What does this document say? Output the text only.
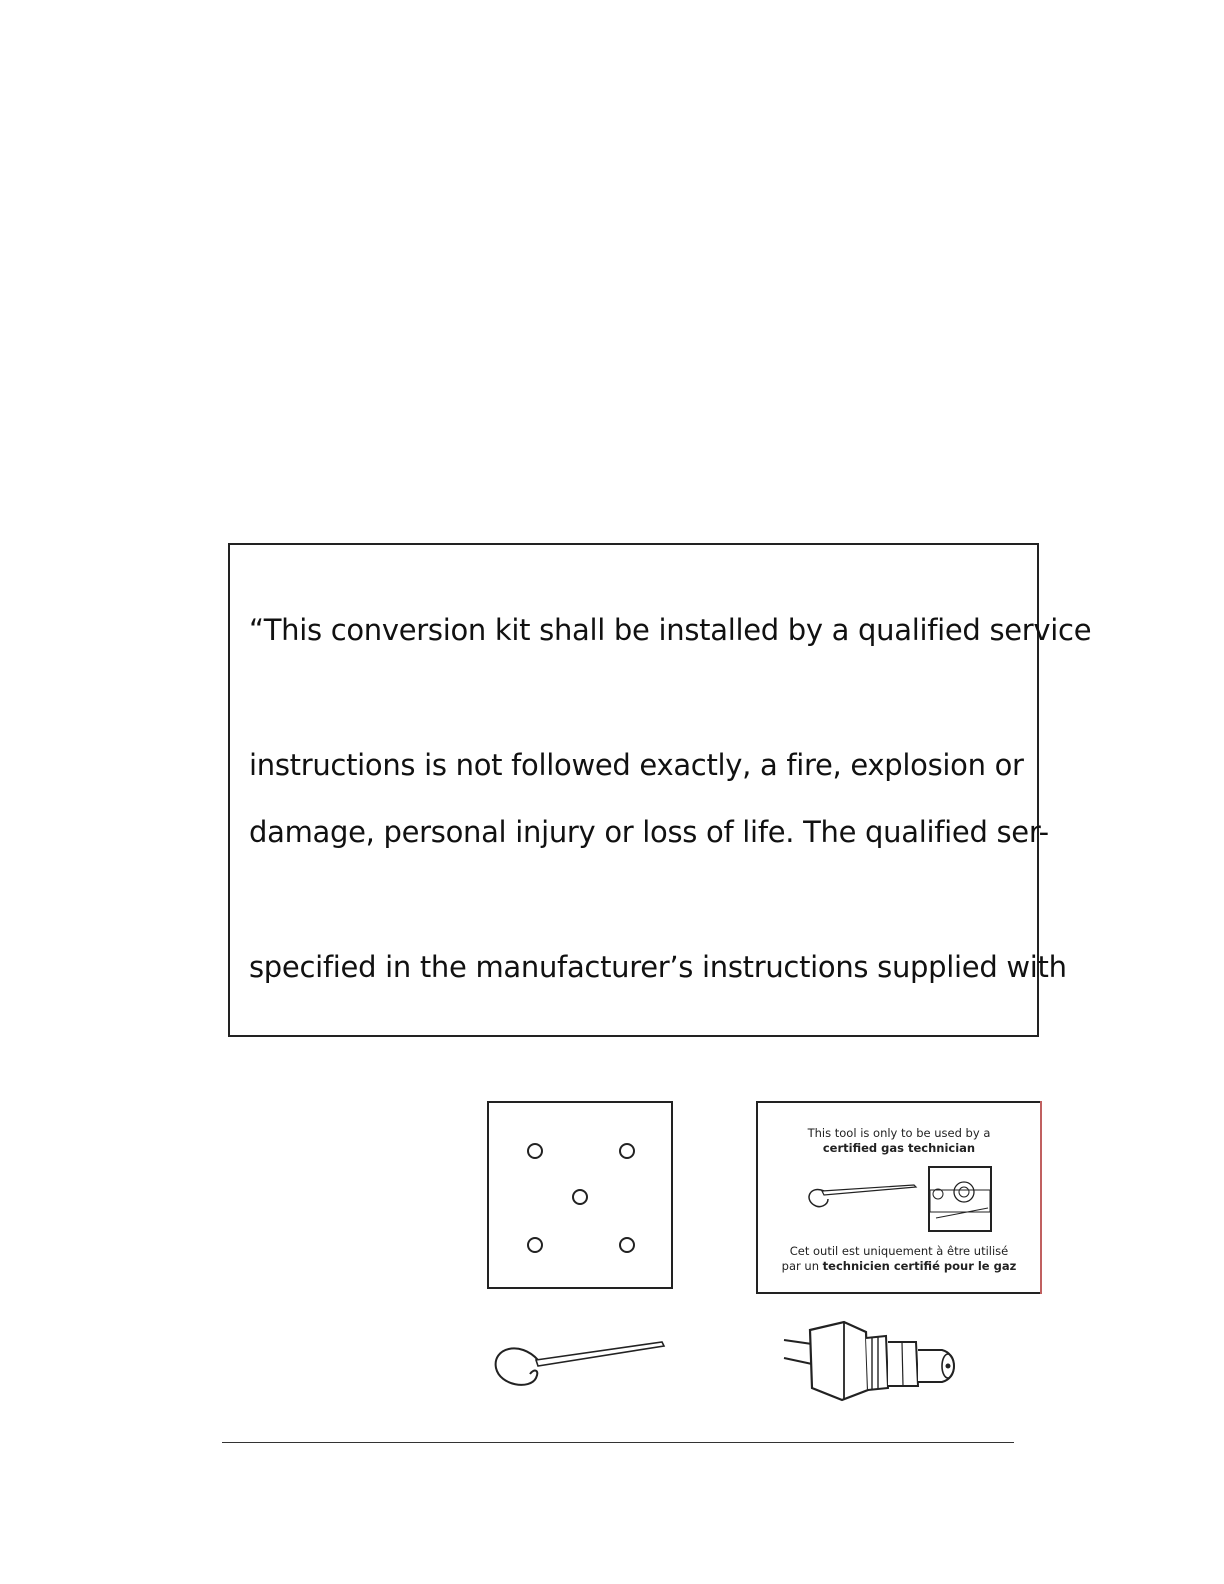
“This conversion kit shall be installed by a qualified service
instructions is not followed exactly, a fire, explosion or
damage, personal injury or loss of life. The qualified ser-
specified in the manufacturer’s instructions supplied with
This tool is only to be used by a
certified gas technician
Cet outil est uniquement à être utilisé
par un technicien certifié pour le gaz
